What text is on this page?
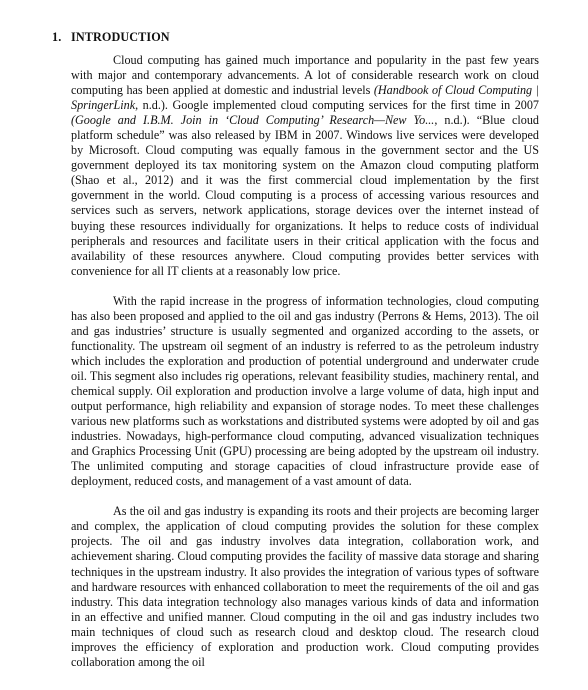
1. INTRODUCTION

Cloud computing has gained much importance and popularity in the past few years with major and contemporary advancements. A lot of considerable research work on cloud computing has been applied at domestic and industrial levels (Handbook of Cloud Computing | SpringerLink, n.d.). Google implemented cloud computing services for the first time in 2007 (Google and I.B.M. Join in ‘Cloud Computing’ Research—New Yo..., n.d.). “Blue cloud platform schedule” was also released by IBM in 2007. Windows live services were developed by Microsoft. Cloud computing was equally famous in the government sector and the US government deployed its tax monitoring system on the Amazon cloud computing platform (Shao et al., 2012) and it was the first commercial cloud implementation by the first government in the world. Cloud computing is a process of accessing various resources and services such as servers, network applications, storage devices over the internet instead of buying these resources individually for organizations. It helps to reduce costs of individual peripherals and resources and facilitate users in their critical application with the focus and availability of these resources anywhere. Cloud computing provides better services with convenience for all IT clients at a reasonably low price.

With the rapid increase in the progress of information technologies, cloud computing has also been proposed and applied to the oil and gas industry (Perrons & Hems, 2013). The oil and gas industries’ structure is usually segmented and organized according to the assets, or functionality. The upstream oil segment of an industry is referred to as the petroleum industry which includes the exploration and production of potential underground and underwater crude oil. This segment also includes rig operations, relevant feasibility studies, machinery rental, and chemical supply. Oil exploration and production involve a large volume of data, high input and output performance, high reliability and expansion of storage nodes. To meet these challenges various new platforms such as workstations and distributed systems were adopted by oil and gas industries. Nowadays, high-performance cloud computing, advanced visualization techniques and Graphics Processing Unit (GPU) processing are being adopted by the upstream oil industry. The unlimited computing and storage capacities of cloud infrastructure provide ease of deployment, reduced costs, and management of a vast amount of data.

As the oil and gas industry is expanding its roots and their projects are becoming larger and complex, the application of cloud computing provides the solution for these complex projects. The oil and gas industry involves data integration, collaboration work, and achievement sharing. Cloud computing provides the facility of massive data storage and sharing techniques in the upstream industry. It also provides the integration of various types of software and hardware resources with enhanced collaboration to meet the requirements of the oil and gas industry. This data integration technology also manages various kinds of data and information in an effective and unified manner. Cloud computing in the oil and gas industry includes two main techniques of cloud such as research cloud and desktop cloud. The research cloud improves the efficiency of exploration and production work. Cloud computing provides collaboration among the oil
